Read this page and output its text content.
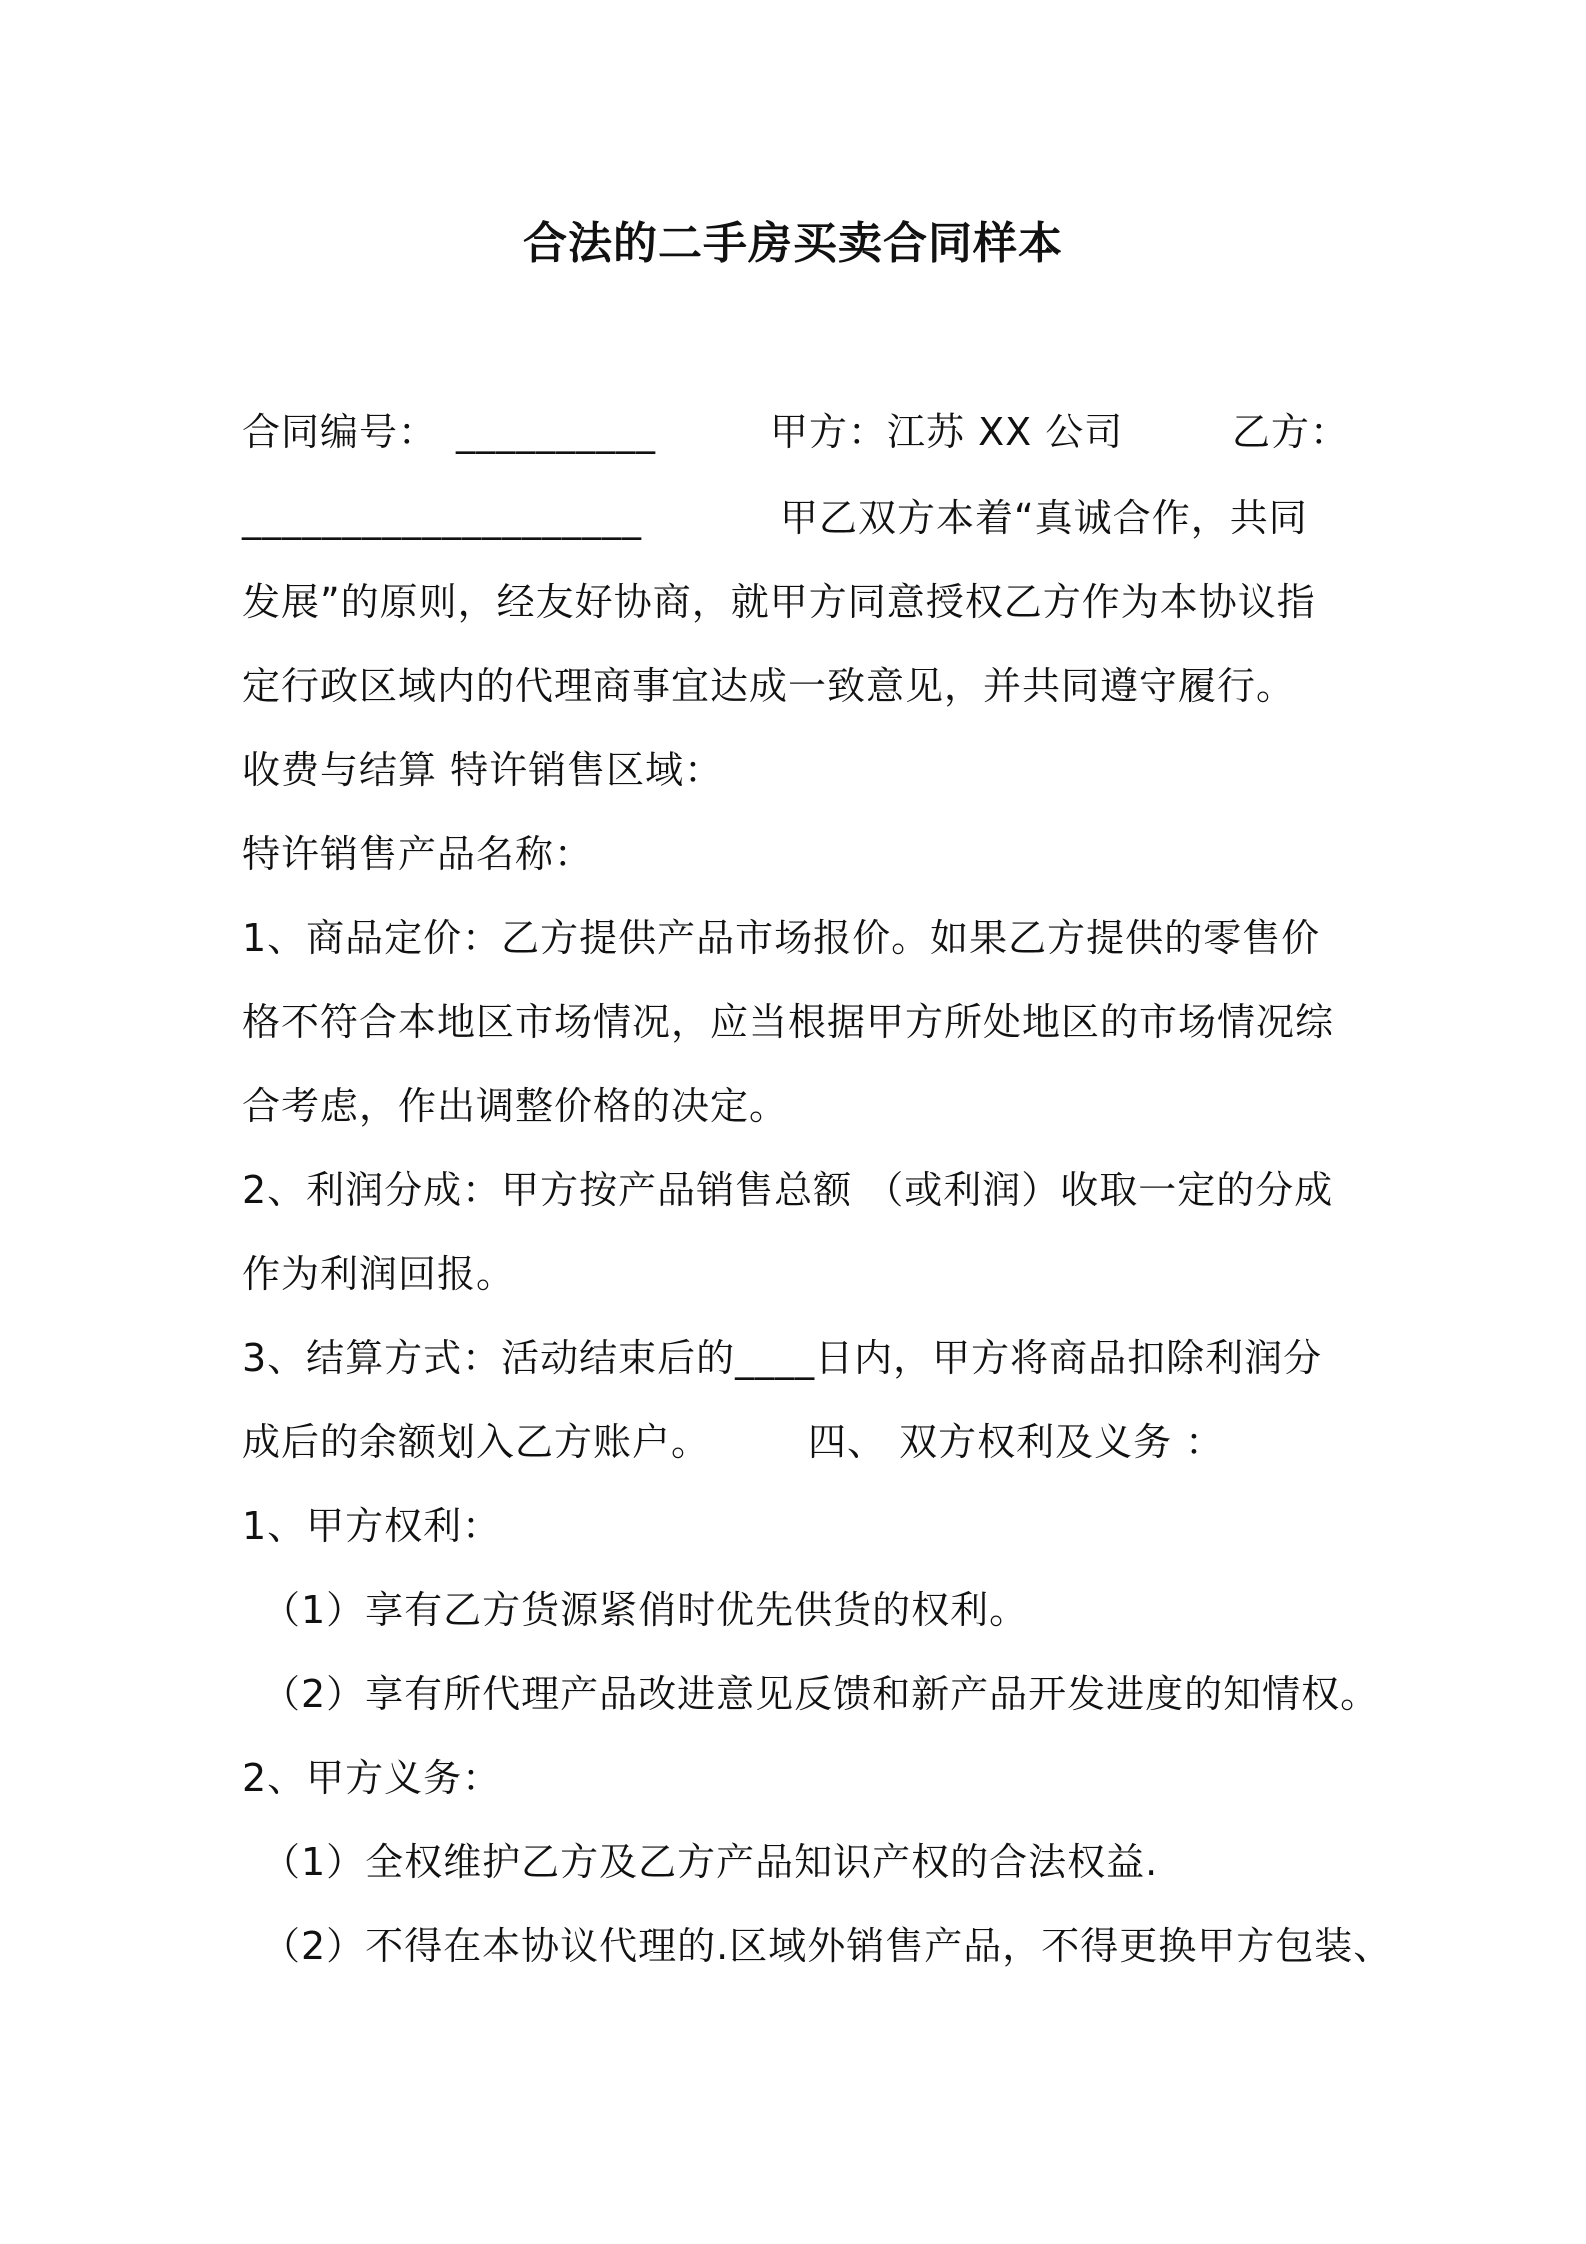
合法的二手房买卖合同样本
合同编号： __________	甲方：江苏 XX 公司	乙方：
____________________	甲乙双方本着“真诚合作，共同
发展”的原则，经友好协商，就甲方同意授权乙方作为本协议指
定行政区域内的代理商事宜达成一致意见，并共同遵守履行。
收费与结算 特许销售区域：
特许销售产品名称：
1、商品定价：乙方提供产品市场报价。如果乙方提供的零售价
格不符合本地区市场情况，应当根据甲方所处地区的市场情况综
合考虑，作出调整价格的决定。
2、利润分成：甲方按产品销售总额 （或利润）收取一定的分成
作为利润回报。
3、结算方式：活动结束后的____日内，甲方将商品扣除利润分
成后的余额划入乙方账户。	四、 双方权利及义务 ：
1、甲方权利：
（1）享有乙方货源紧俏时优先供货的权利。
（2）享有所代理产品改进意见反馈和新产品开发进度的知情权。
2、甲方义务：
（1）全权维护乙方及乙方产品知识产权的合法权益.
（2）不得在本协议代理的.区域外销售产品，不得更换甲方包装、
